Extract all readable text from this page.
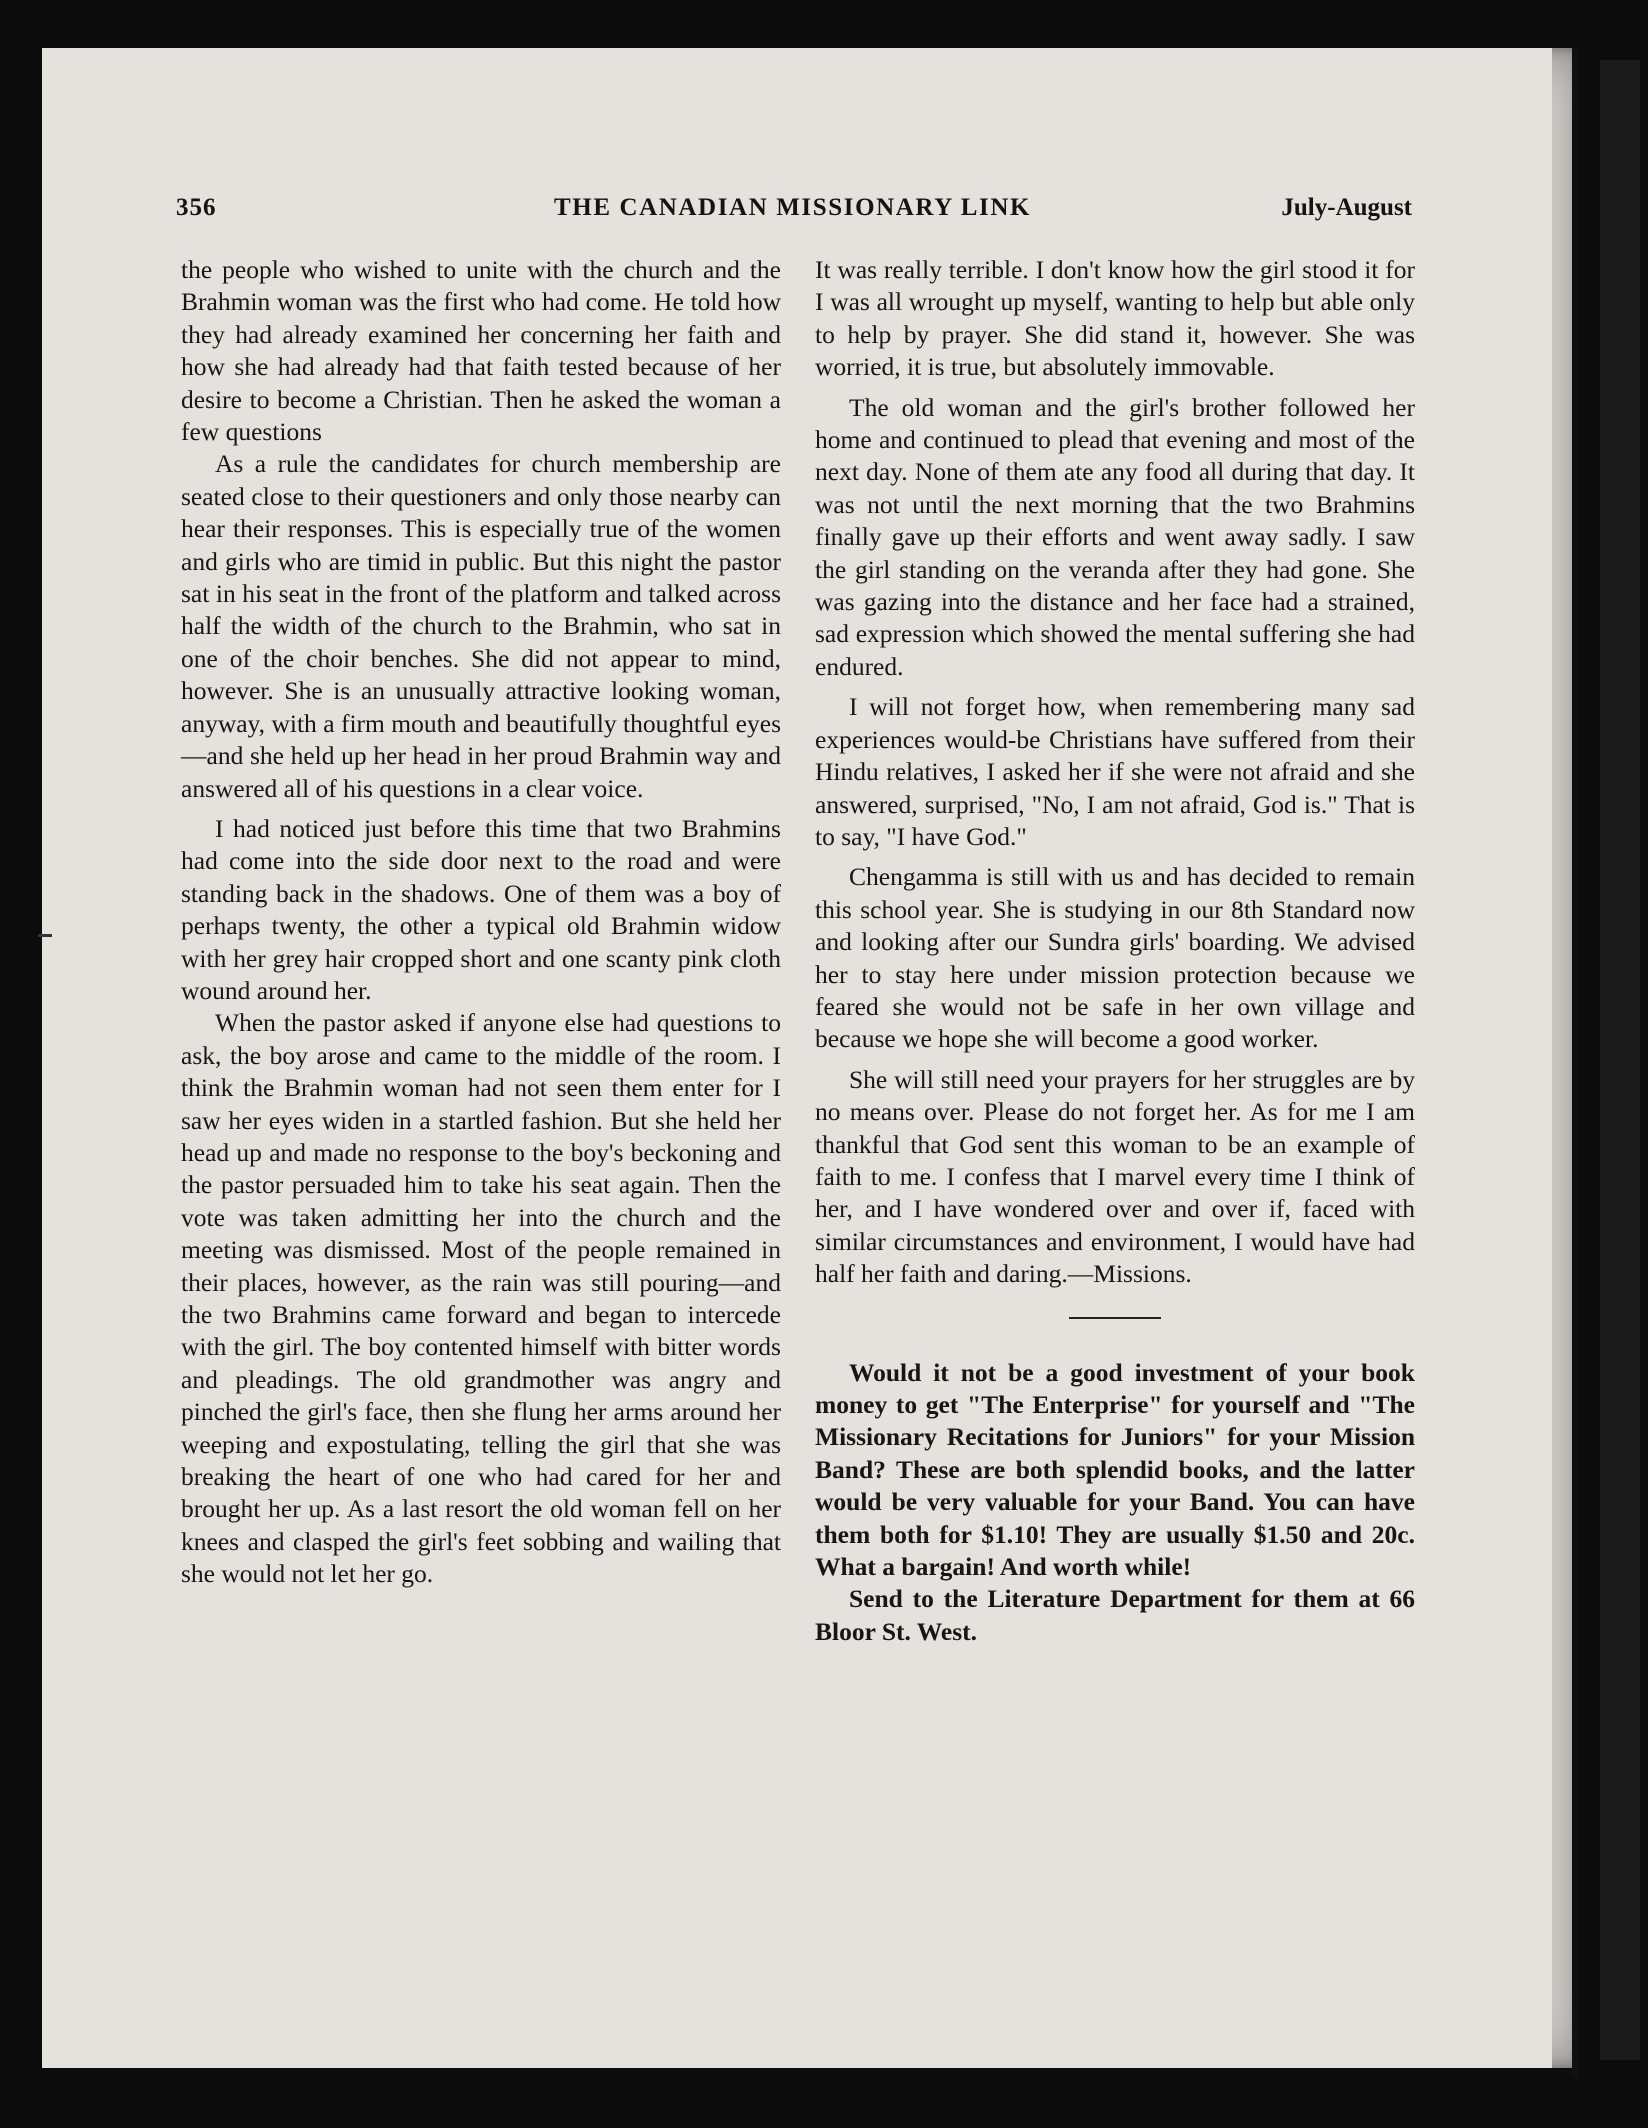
356	THE CANADIAN MISSIONARY LINK	July-August

the people who wished to unite with the church and the Brahmin woman was the first who had come. He told how they had already examined her concerning her faith and how she had already had that faith tested because of her desire to become a Christian. Then he asked the woman a few questions

As a rule the candidates for church membership are seated close to their questioners and only those nearby can hear their responses. This is especially true of the women and girls who are timid in public. But this night the pastor sat in his seat in the front of the platform and talked across half the width of the church to the Brahmin, who sat in one of the choir benches. She did not appear to mind, however. She is an unusually attractive looking woman, anyway, with a firm mouth and beautifully thoughtful eyes—and she held up her head in her proud Brahmin way and answered all of his questions in a clear voice.

I had noticed just before this time that two Brahmins had come into the side door next to the road and were standing back in the shadows. One of them was a boy of perhaps twenty, the other a typical old Brahmin widow with her grey hair cropped short and one scanty pink cloth wound around her.

When the pastor asked if anyone else had questions to ask, the boy arose and came to the middle of the room. I think the Brahmin woman had not seen them enter for I saw her eyes widen in a startled fashion. But she held her head up and made no response to the boy's beckoning and the pastor persuaded him to take his seat again. Then the vote was taken admitting her into the church and the meeting was dismissed. Most of the people remained in their places, however, as the rain was still pouring—and the two Brahmins came forward and began to intercede with the girl. The boy contented himself with bitter words and pleadings. The old grandmother was angry and pinched the girl's face, then she flung her arms around her weeping and expostulating, telling the girl that she was breaking the heart of one who had cared for her and brought her up. As a last resort the old woman fell on her knees and clasped the girl's feet sobbing and wailing that she would not let her go.

It was really terrible. I don't know how the girl stood it for I was all wrought up myself, wanting to help but able only to help by prayer. She did stand it, however. She was worried, it is true, but absolutely immovable.

The old woman and the girl's brother followed her home and continued to plead that evening and most of the next day. None of them ate any food all during that day. It was not until the next morning that the two Brahmins finally gave up their efforts and went away sadly. I saw the girl standing on the veranda after they had gone. She was gazing into the distance and her face had a strained, sad expression which showed the mental suffering she had endured.

I will not forget how, when remembering many sad experiences would-be Christians have suffered from their Hindu relatives, I asked her if she were not afraid and she answered, surprised, "No, I am not afraid, God is." That is to say, "I have God."

Chengamma is still with us and has decided to remain this school year. She is studying in our 8th Standard now and looking after our Sundra girls' boarding. We advised her to stay here under mission protection because we feared she would not be safe in her own village and because we hope she will become a good worker.

She will still need your prayers for her struggles are by no means over. Please do not forget her. As for me I am thankful that God sent this woman to be an example of faith to me. I confess that I marvel every time I think of her, and I have wondered over and over if, faced with similar circumstances and environment, I would have had half her faith and daring.—Missions.

Would it not be a good investment of your book money to get "The Enterprise" for yourself and "The Missionary Recitations for Juniors" for your Mission Band? These are both splendid books, and the latter would be very valuable for your Band. You can have them both for $1.10! They are usually $1.50 and 20c. What a bargain! And worth while!

Send to the Literature Department for them at 66 Bloor St. West.
